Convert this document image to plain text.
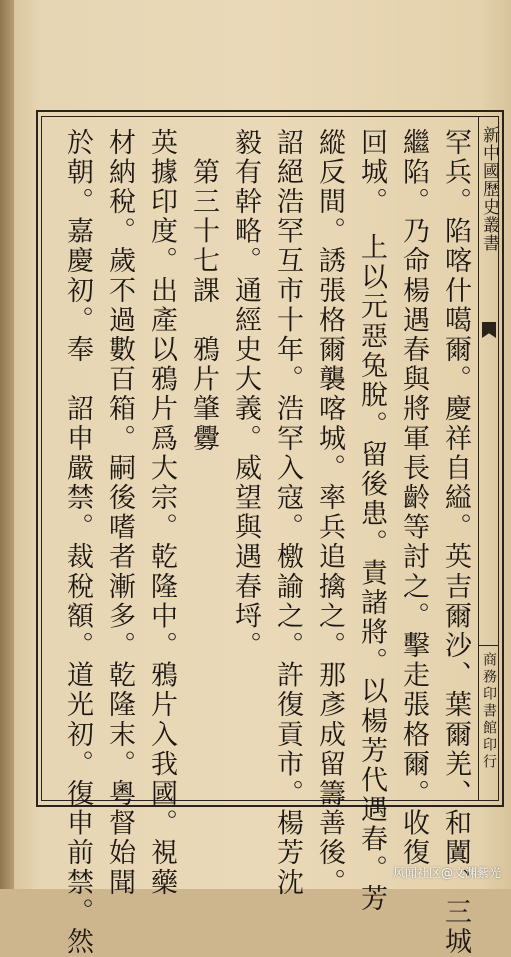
新中國歷史叢書
商務印書館印行
罕兵。陷喀什噶爾。慶祥自縊。英吉爾沙、葉爾羌、和闐、三城
繼陷。乃命楊遇春與將軍長齡等討之。擊走張格爾。收復
回城。　上以元惡兔脫。留後患。責諸將。以楊芳代遇春。芳
縱反間。誘張格爾襲喀城。率兵追擒之。那彥成留籌善後。
詔絕浩罕互市十年。浩罕入寇。檄諭之。許復貢市。楊芳沈
毅有幹略。通經史大義。威望與遇春埒。
　第三十七課　鴉片肇釁
英據印度。出產以鴉片爲大宗。乾隆中。鴉片入我國。視藥
材納稅。歲不過數百箱。嗣後嗜者漸多。乾隆末。粵督始聞
於朝。嘉慶初。奉　詔申嚴禁。裁稅額。道光初。復申前禁。然	风闻社区@文渊紫光
